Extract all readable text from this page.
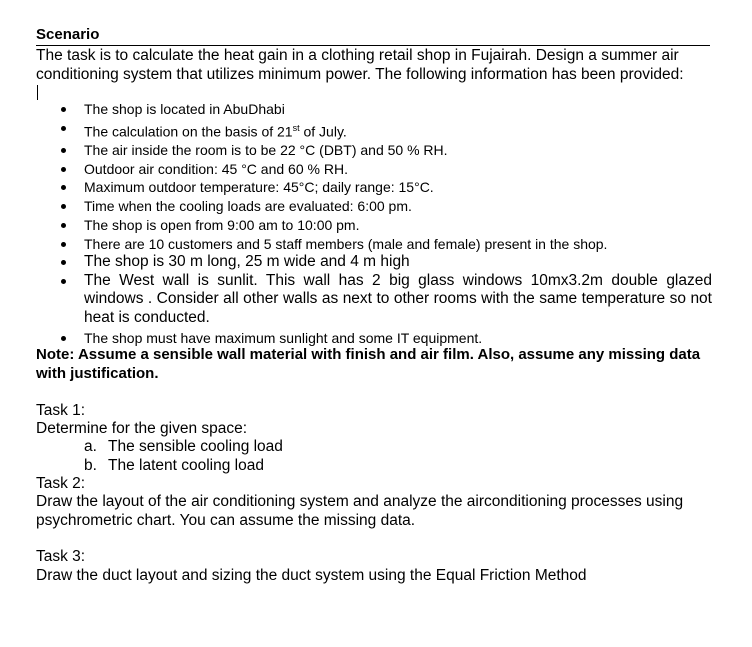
Scenario

The task is to calculate the heat gain in a clothing retail shop in Fujairah. Design a summer air conditioning system that utilizes minimum power. The following information has been provided:

The shop is located in AbuDhabi
The calculation on the basis of 21st of July.
The air inside the room is to be 22 °C (DBT) and 50 % RH.
Outdoor air condition: 45 °C and 60 % RH.
Maximum outdoor temperature: 45°C; daily range: 15°C.
Time when the cooling loads are evaluated: 6:00 pm.
The shop is open from 9:00 am to 10:00 pm.
There are 10 customers and 5 staff members (male and female) present in the shop.
The shop is 30 m long, 25 m wide and 4 m high
The West wall is sunlit. This wall has 2 big glass windows 10mx3.2m double glazed windows . Consider all other walls as next to other rooms with the same temperature so not heat is conducted.
The shop must have maximum sunlight and some IT equipment.

Note: Assume a sensible wall material with finish and air film. Also, assume any missing data with justification.

Task 1:

Determine for the given space:

a. The sensible cooling load
b. The latent cooling load

Task 2:

Draw the layout of the air conditioning system and analyze the airconditioning processes using psychrometric chart. You can assume the missing data.

Task 3:

Draw the duct layout and sizing the duct system using the Equal Friction Method
